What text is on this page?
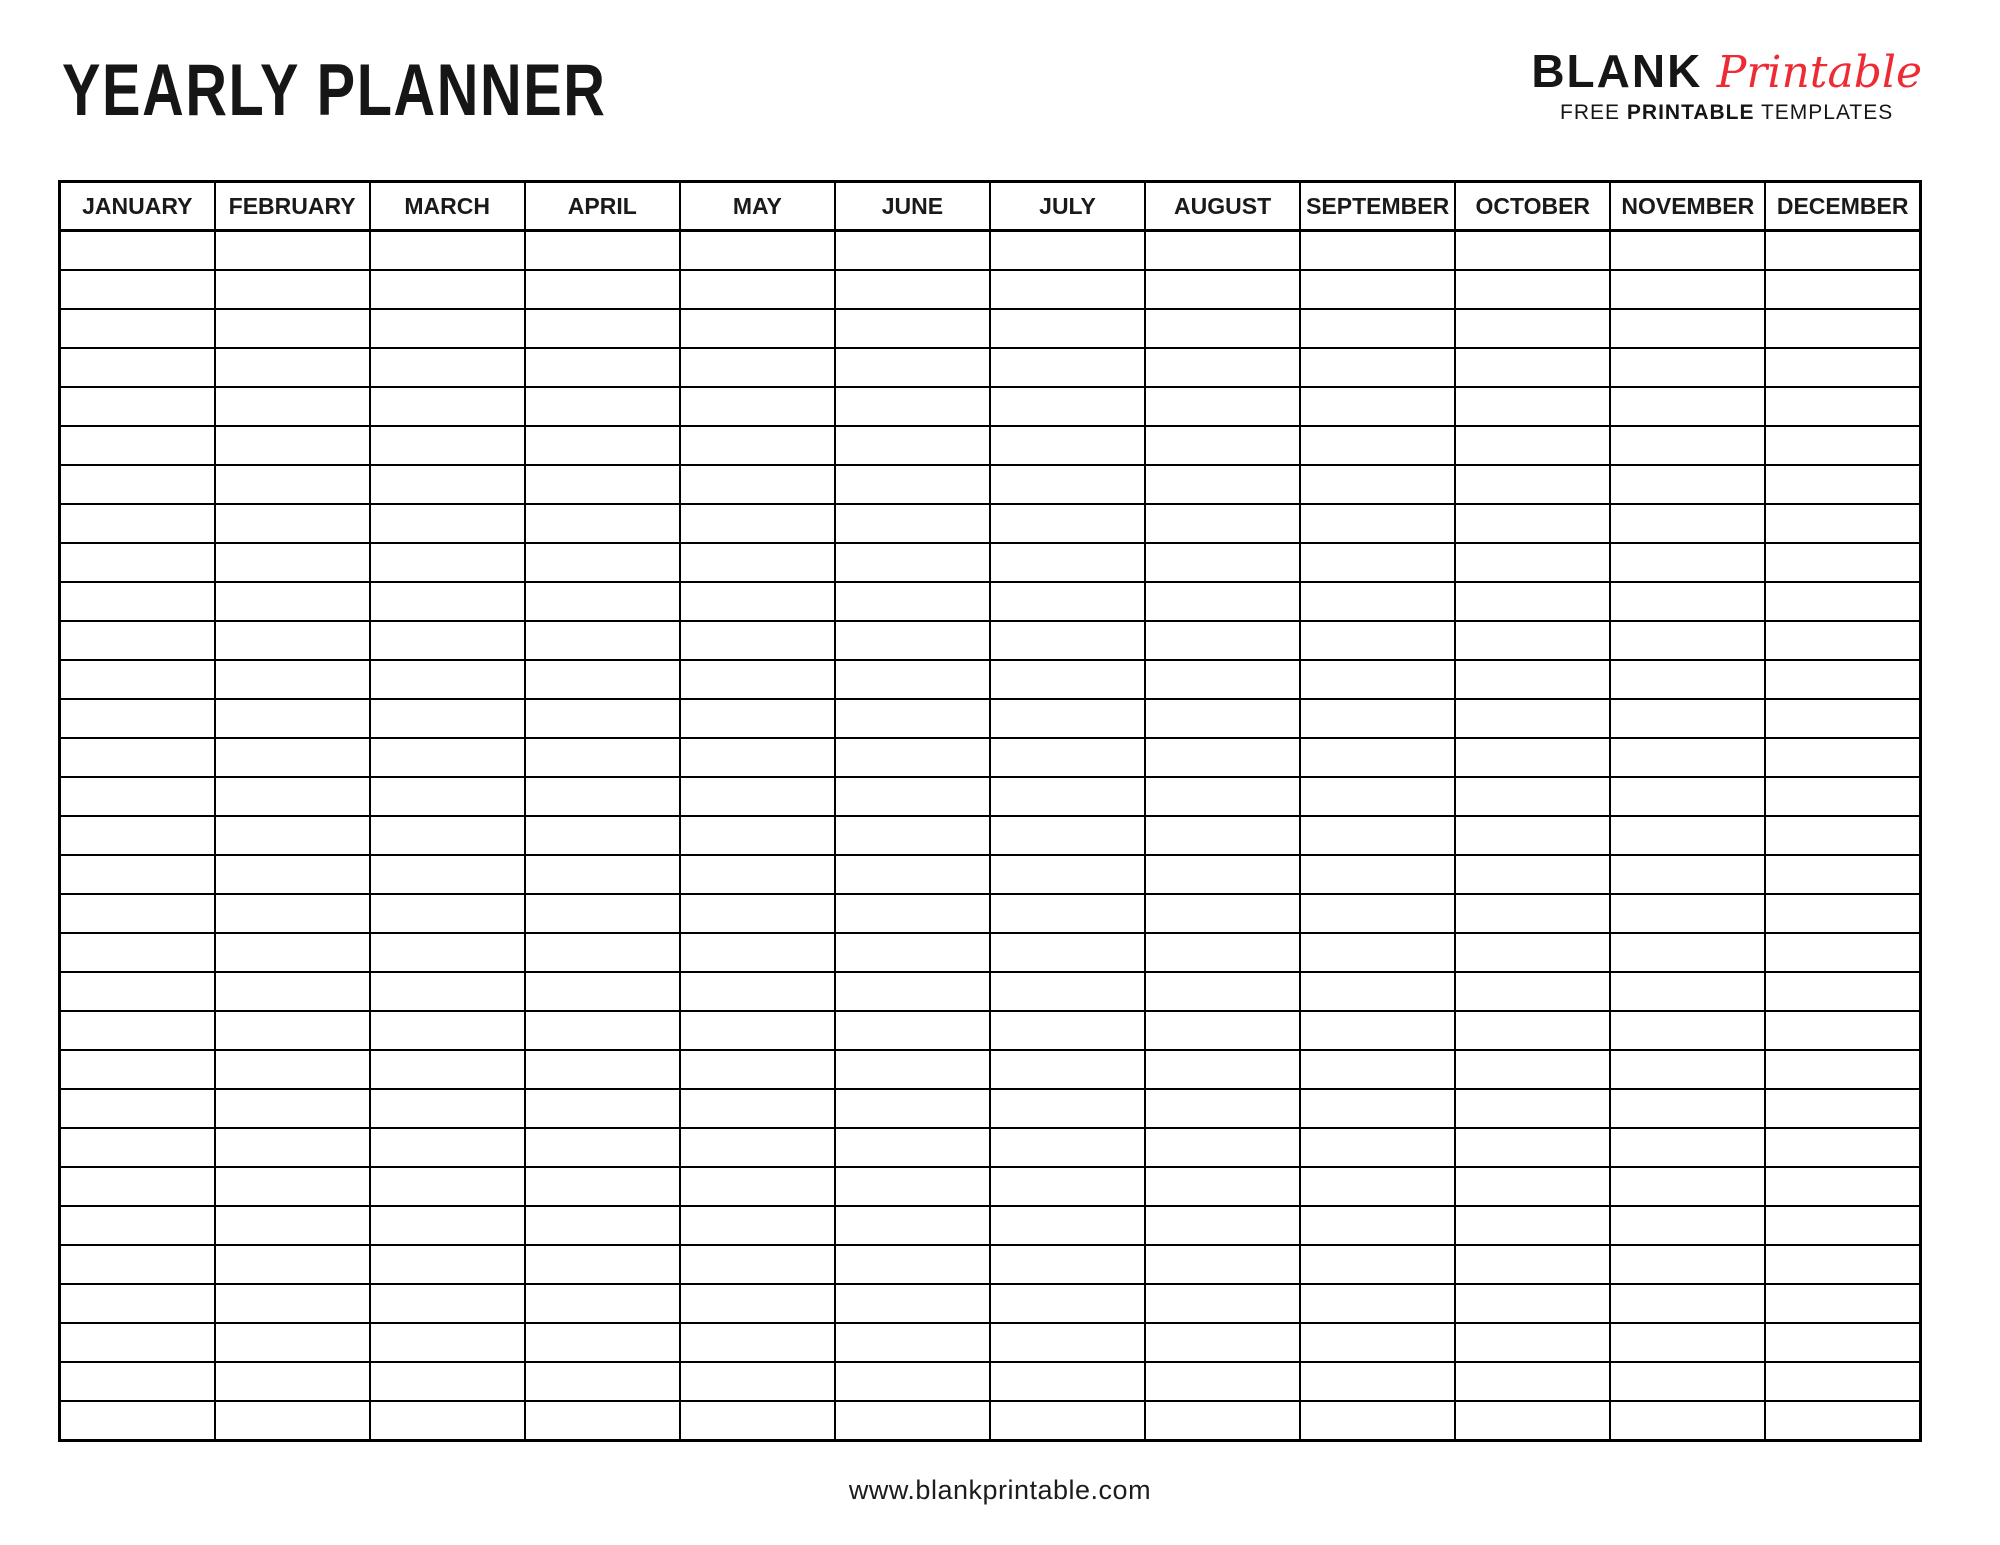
YEARLY PLANNER	BLANK Printable
FREE PRINTABLE TEMPLATES
JANUARY	FEBRUARY	MARCH	APRIL	MAY	JUNE	JULY	AUGUST	SEPTEMBER	OCTOBER	NOVEMBER	DECEMBER

www.blankprintable.com
